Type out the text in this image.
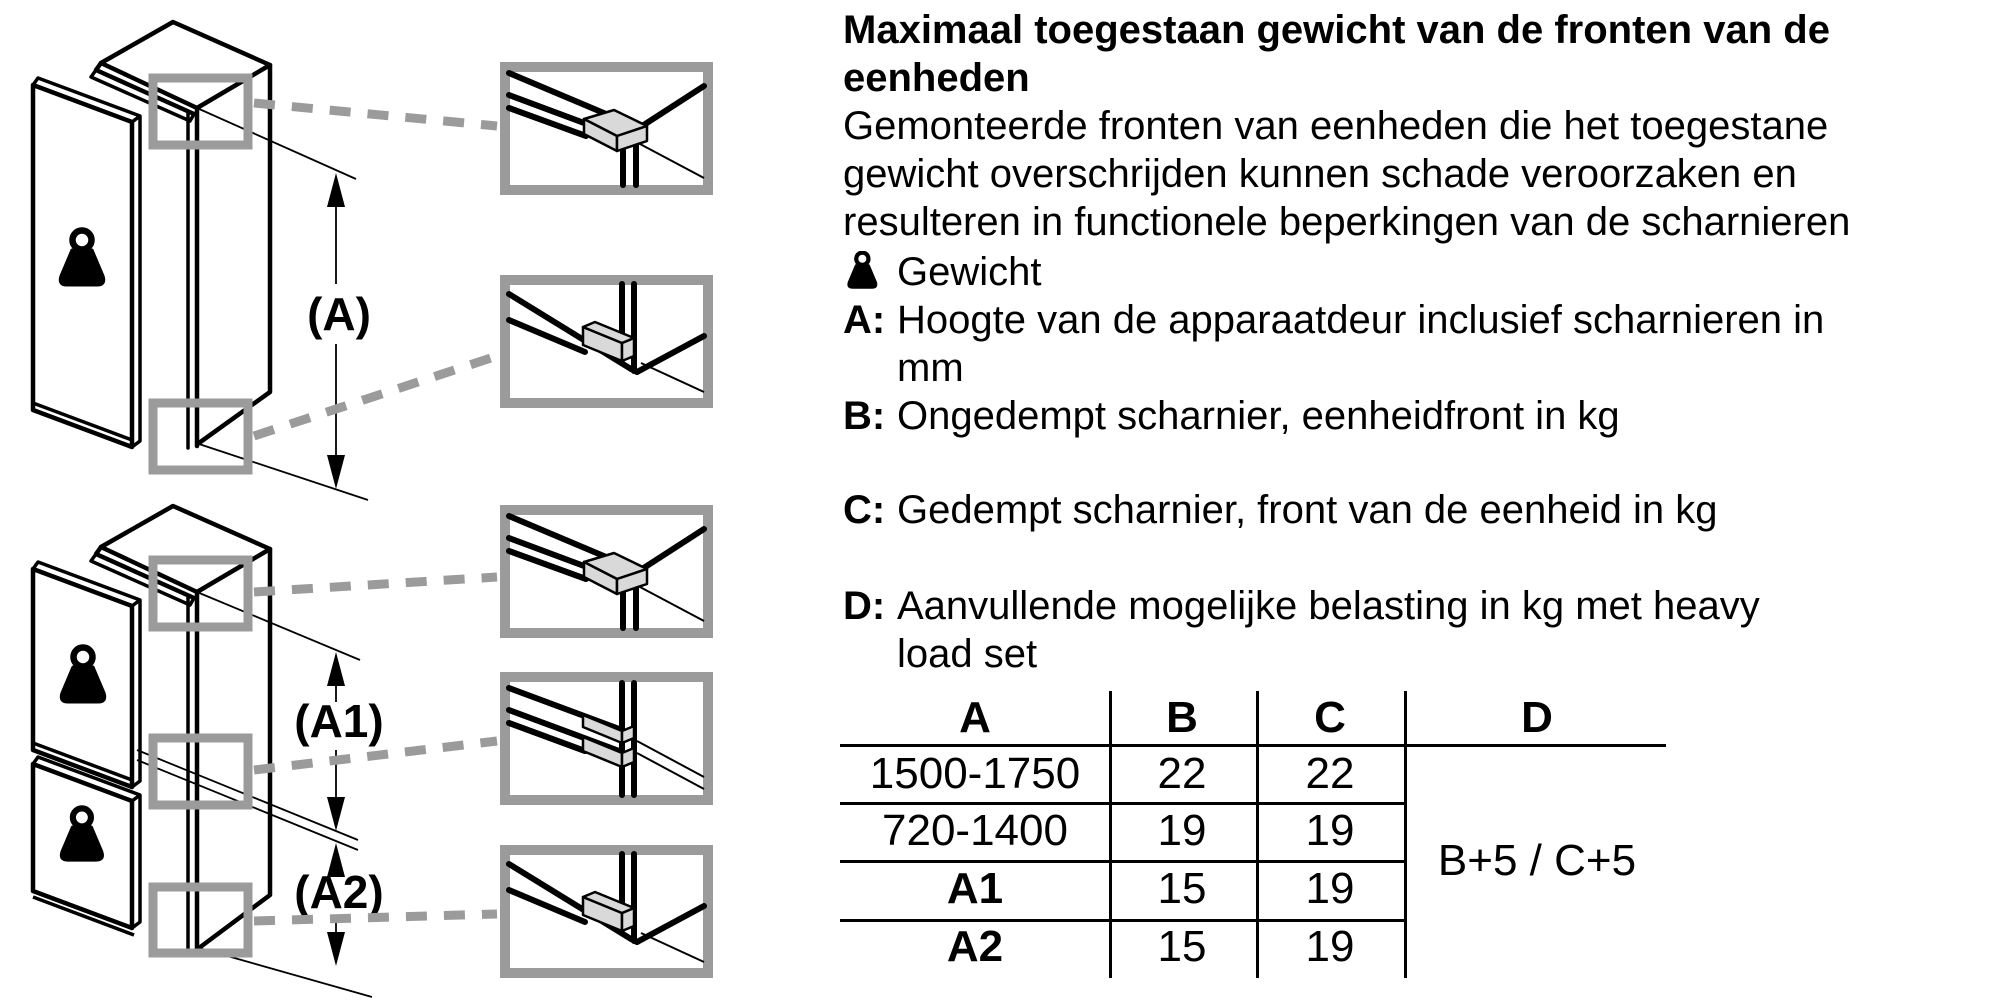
(A)
(A1)
(A2)
Maximaal toegestaan gewicht van de fronten van de
eenheden
Gemonteerde fronten van eenheden die het toegestane
gewicht overschrijden kunnen schade veroorzaken en
resulteren in functionele beperkingen van de scharnieren
Gewicht
A: Hoogte van de apparaatdeur inclusief scharnieren in
mm
B: Ongedempt scharnier, eenheidfront in kg
C: Gedempt scharnier, front van de eenheid in kg
D: Aanvullende mogelijke belasting in kg met heavy
load set
A	B	C	D
1500-1750 22 22
720-1400 19 19
A1	15 19
A2	15 19
B+5 / C+5
